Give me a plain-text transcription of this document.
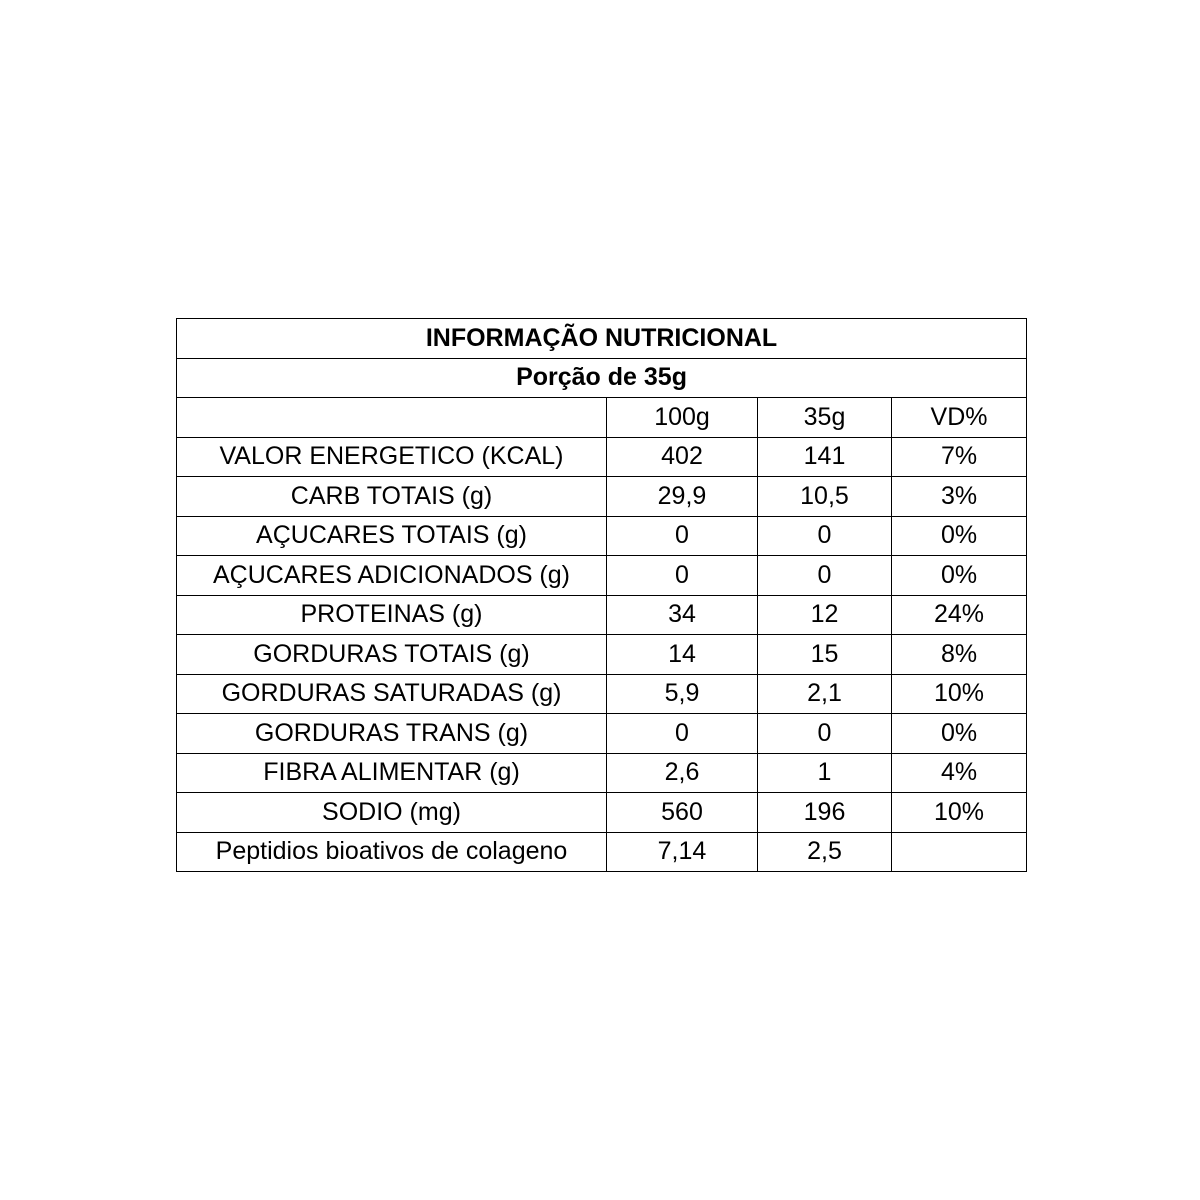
INFORMAÇÃO NUTRICIONAL			
Porção de 35g			
	100g	35g	VD%
VALOR ENERGETICO (KCAL)	402	141	7%
CARB TOTAIS (g)	29,9	10,5	3%
AÇUCARES TOTAIS (g)	0	0	0%
AÇUCARES ADICIONADOS (g)	0	0	0%
PROTEINAS (g)	34	12	24%
GORDURAS TOTAIS (g)	14	15	8%
GORDURAS SATURADAS (g)	5,9	2,1	10%
GORDURAS TRANS (g)	0	0	0%
FIBRA ALIMENTAR (g)	2,6	1	4%
SODIO (mg)	560	196	10%
Peptidios bioativos de colageno	7,14	2,5	
